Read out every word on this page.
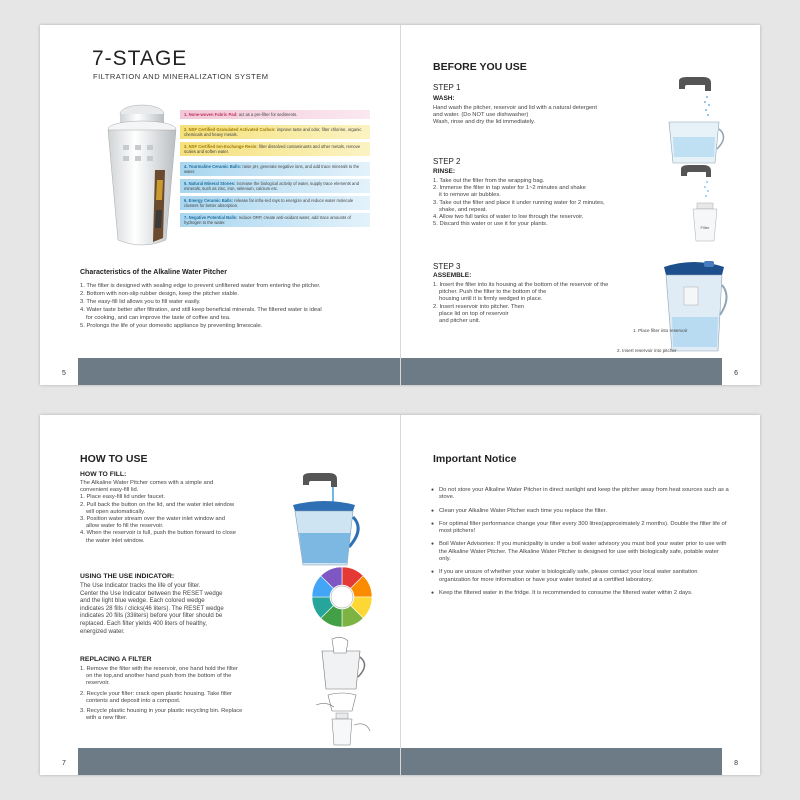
7-STAGE
FILTRATION AND MINERALIZATION SYSTEM
1. None-woven Fabric Pad: act as a pre-filter for sediments.
2. NSF Certified Granulated Activated Carbon: improve taste and odor, filter chlorine, organic chemicals and heavy metals.
3. NSF Certified Ion-Exchange Resin: filter dissolved contaminants and other metals, remove scales and soften water.
4. Tourmaline Ceramic Balls: raise pH, generate negative ions, and add trace minerals to the water.
5. Natural Mineral Stones: increase the biological activity of water, supply trace elements and minerals, such as zinc, iron, selenium, calcium etc.
6. Energy Ceramic Balls: release far infra-red rays to energize and reduce water molecule clusters for better absorption.
7. Negative Potential Balls: reduce ORP, create anti-oxidant water, add trace amounts of hydrogen to the water.
Characteristics of the Alkaline Water Pitcher
1. The filter is designed with sealing edge to prevent unfiltered water from entering the pitcher.
2. Bottom with non-slip rubber design, keep the pitcher stable.
3. The easy-fill lid allows you to fill water easily.
4. Water taste better after filtration, and still keep beneficial minerals. The filtered water is ideal
for cooking, and can improve the taste of coffee and tea.
5. Prolongs the life of your domestic appliance by preventing limescale.
5
BEFORE YOU USE
STEP 1
WASH:
Hand wash the pitcher, reservoir and lid with a natural detergent
and water. (Do NOT use dishwasher)
Wash, rinse and dry the lid immediately.
STEP 2
RINSE:
1. Take out the filter from the wrapping bag.
2. Immerse the filter in tap water for 1~2 minutes and shake
it to remove air bubbles.
3. Take out the filter and place it under running water for 2 minutes,
shake, and repeat.
4. Allow two full tanks of water to low through the reservoir.
5. Discard this water or use it for your plants.
Filter
STEP 3
ASSEMBLE:
1. Insert the filter into its housing at the bottom of the reservoir of the
pitcher. Push the filter to the bottom of the
housing until it is firmly wedged in place.
2. Insert reservoir into pitcher. Then
place lid on top of reservoir
and pitcher unit.
1. Place filter into reservoir
2. Insert reservoir into pitcher
6
HOW TO USE
HOW TO FILL:
The Alkaline Water Pitcher comes with a simple and
convenient easy-fill lid.
1. Place easy-fill lid under faucet.
2. Pull back the button on the lid, and the water inlet window
will open automatically.
3. Position water stream over the water inlet window and
allow water fo fill the reservoir.
4. When the reservoir is full, push the button forward to close
the water inlet window.
USING THE USE INDICATOR:
The Use Indicator tracks the life of your filter.
Center the Use Indicator between the RESET wedge
and the light blue wedge. Each colored wedge
indicates 28 fills / clicks(46 liters). The RESET wedge
indicates 20 fills (33liters) before your filter should be
replaced. Each filter yields 400 liters of healthy,
energized water.
REPLACING A FILTER
1. Remove the filter with the reservoir, one hand hold the filter
on the top,and another hand push from the bottom of the
reservoir.
2. Recycle your filter: crack open plastic housing. Take filter
contents and deposit into a compost.
3. Recycle plastic housing in your plastic recycling bin. Replace
with a new filter.
7
Important Notice
● Do not store your Alkaline Water Pitcher in direct sunlight and keep the pitcher away from heat sources such as a stove.
● Clean your Alkaline Water Pitcher each time you replace the filter.
● For optimal filter performance change your filter every 300 litres(approximately 2 months). Double the filter life of most pitchers!
● Boil Water Advisories: If you municipality is under a boil water advisory you must boil your water prior to use with the Alkaline Water Pitcher. The Alkaline Water Pitcher is designed for use with biologically safe, potable water only.
● If you are unsure of whether your water is biologically safe, please contact your local water sanitation organization for more information or have your water tested at a certified laboratory.
● Keep the filtered water in the fridge. It is recommended to consume the filtered water within 2 days.
8
